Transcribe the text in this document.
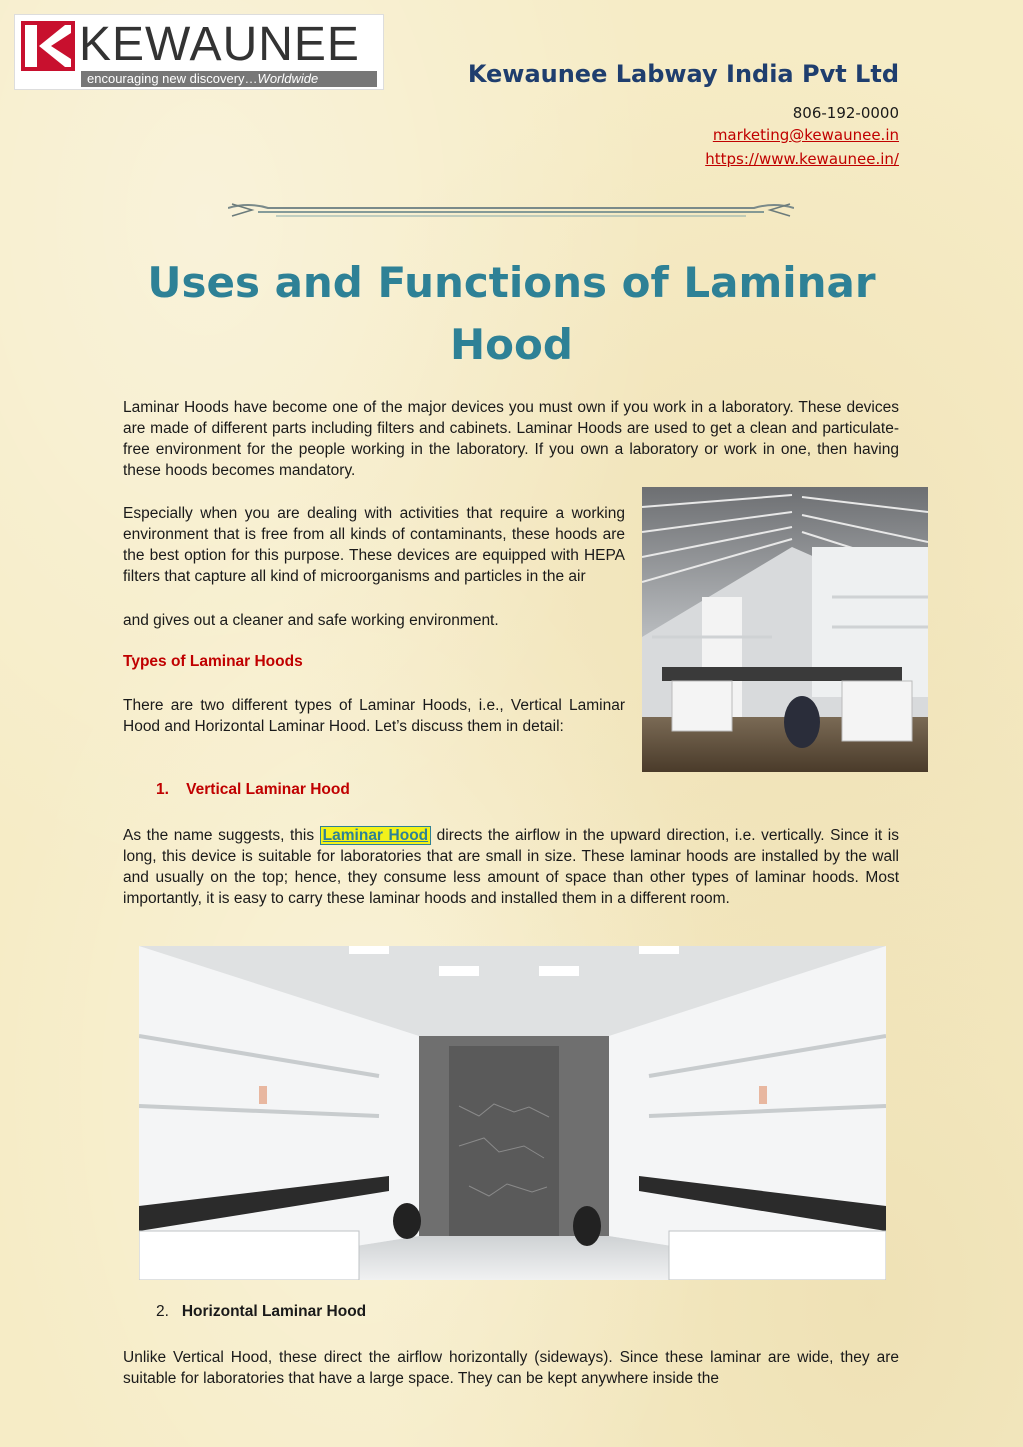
KEWAUNEE
encouraging new discovery…Worldwide	Kewaunee Labway India Pvt Ltd
806-192-0000
marketing@kewaunee.in
https://www.kewaunee.in/
Uses and Functions of Laminar Hood
Laminar Hoods have become one of the major devices you must own if you work in a laboratory. These devices are made of different parts including filters and cabinets. Laminar Hoods are used to get a clean and particulate-free environment for the people working in the laboratory. If you own a laboratory or work in one, then having these hoods becomes mandatory.
Especially when you are dealing with activities that require a working environment that is free from all kinds of contaminants, these hoods are the best option for this purpose. These devices are equipped with HEPA filters that capture all kind of microorganisms and particles in the air
and gives out a cleaner and safe working environment.
Types of Laminar Hoods
There are two different types of Laminar Hoods, i.e., Vertical Laminar Hood and Horizontal Laminar Hood. Let’s discuss them in detail:
1. Vertical Laminar Hood
As the name suggests, this Laminar Hood directs the airflow in the upward direction, i.e. vertically. Since it is long, this device is suitable for laboratories that are small in size. These laminar hoods are installed by the wall and usually on the top; hence, they consume less amount of space than other types of laminar hoods. Most importantly, it is easy to carry these laminar hoods and installed them in a different room.
2. Horizontal Laminar Hood
Unlike Vertical Hood, these direct the airflow horizontally (sideways). Since these laminar are wide, they are suitable for laboratories that have a large space. They can be kept anywhere inside the
